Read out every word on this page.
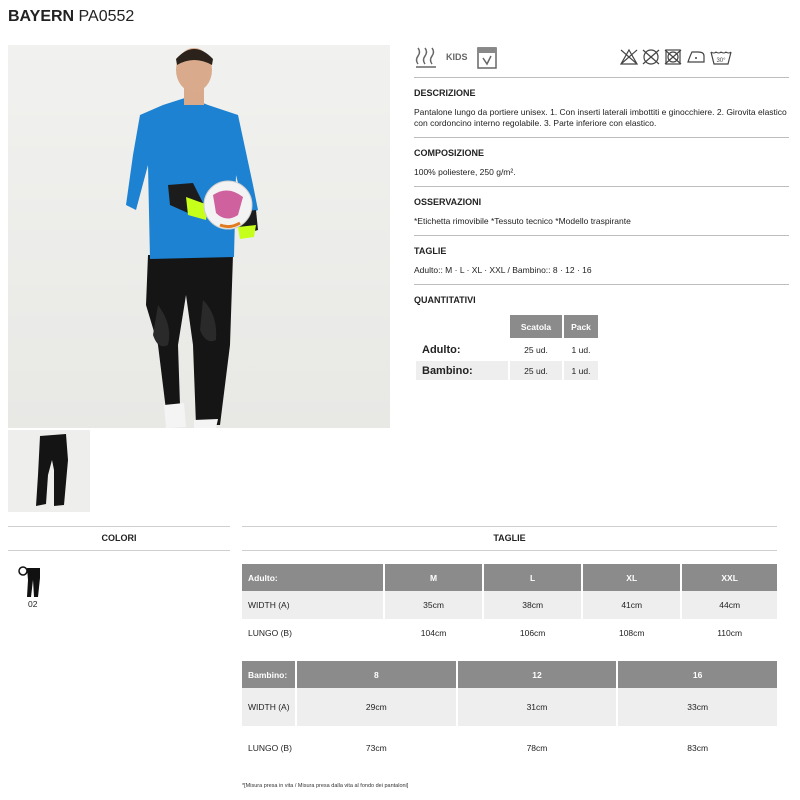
BAYERN PA0552
KIDS	30°
DESCRIZIONE

Pantalone lungo da portiere unisex. 1. Con inserti laterali imbottiti e ginocchiere. 2. Girovita elastico con cordoncino interno regolabile. 3. Parte inferiore con elastico.

COMPOSIZIONE

100% poliestere, 250 g/m².

OSSERVAZIONI

*Etichetta rimovibile *Tessuto tecnico *Modello traspirante

TAGLIE

Adulto:: M · L · XL · XXL / Bambino:: 8 · 12 · 16

QUANTITATIVI
	Scatola	Pack
Adulto:	25 ud.	1 ud.
Bambino:	25 ud.	1 ud.
COLORI
02
TAGLIE
Adulto:	M	L	XL	XXL
WIDTH (A)	35cm	38cm	41cm	44cm
LUNGO (B)	104cm	106cm	108cm	110cm
Bambino:	8	12	16
WIDTH (A)	29cm	31cm	33cm
LUNGO (B)	73cm	78cm	83cm
*[Misura presa in vita / Misura presa dalla vita al fondo dei pantaloni]
